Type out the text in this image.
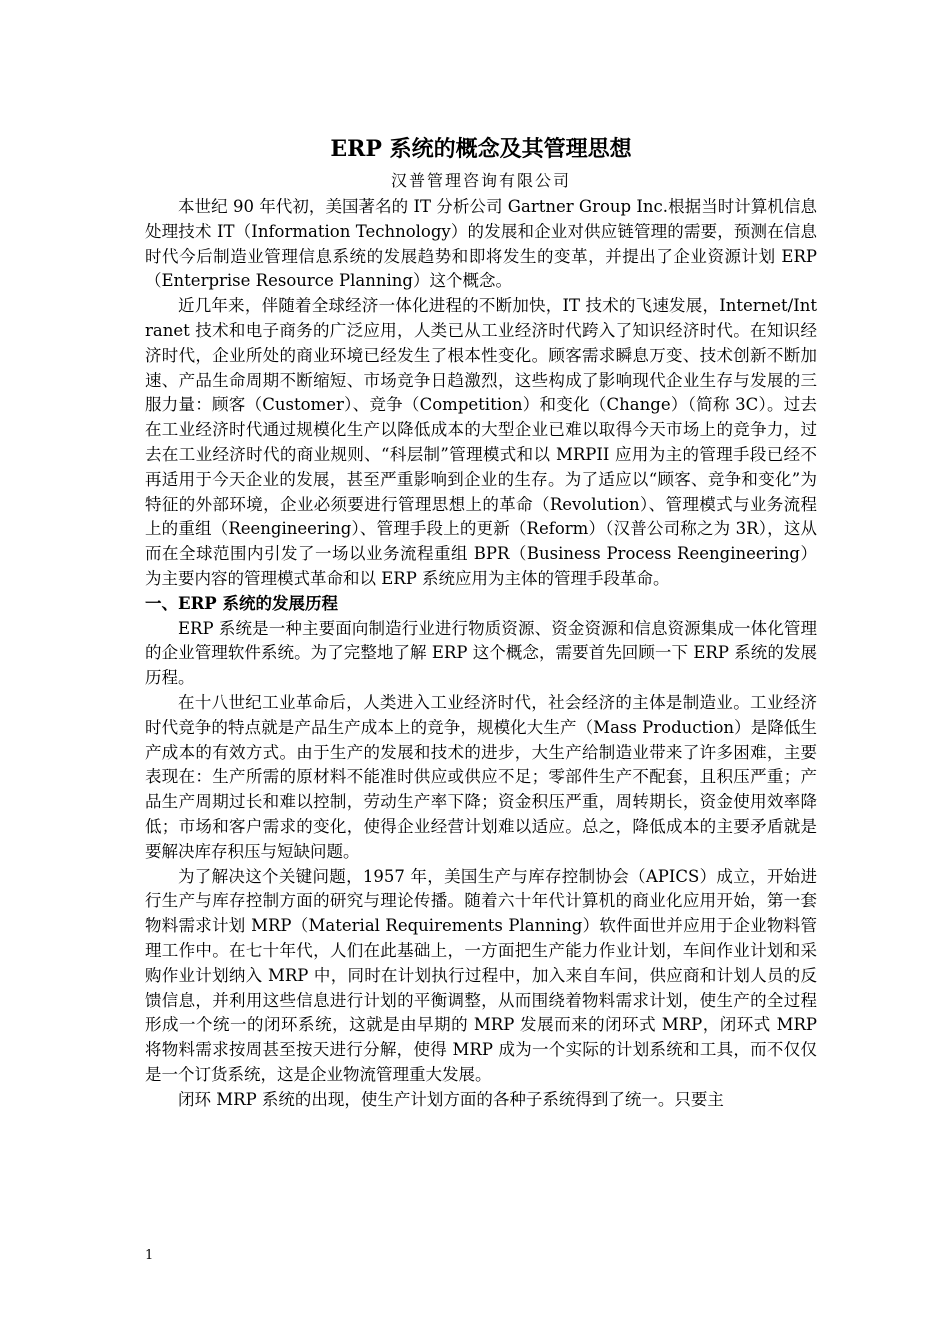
ERP 系统的概念及其管理思想

汉普管理咨询有限公司

本世纪 90 年代初，美国著名的 IT 分析公司 Gartner Group Inc.根据当时计算机信息处理技术 IT（Information Technology）的发展和企业对供应链管理的需要，预测在信息时代今后制造业管理信息系统的发展趋势和即将发生的变革，并提出了企业资源计划 ERP（Enterprise Resource Planning）这个概念。

近几年来，伴随着全球经济一体化进程的不断加快，IT 技术的飞速发展，Internet/Intranet 技术和电子商务的广泛应用，人类已从工业经济时代跨入了知识经济时代。在知识经济时代，企业所处的商业环境已经发生了根本性变化。顾客需求瞬息万变、技术创新不断加速、产品生命周期不断缩短、市场竞争日趋激烈，这些构成了影响现代企业生存与发展的三服力量：顾客（Customer）、竞争（Competition）和变化（Change）（简称 3C）。过去在工业经济时代通过规模化生产以降低成本的大型企业已难以取得今天市场上的竞争力，过去在工业经济时代的商业规则、“科层制”管理模式和以 MRPII 应用为主的管理手段已经不再适用于今天企业的发展，甚至严重影响到企业的生存。为了适应以“顾客、竞争和变化”为特征的外部环境，企业必须要进行管理思想上的革命（Revolution）、管理模式与业务流程上的重组（Reengineering）、管理手段上的更新（Reform）（汉普公司称之为 3R），这从而在全球范围内引发了一场以业务流程重组 BPR（Business Process Reengineering）为主要内容的管理模式革命和以 ERP 系统应用为主体的管理手段革命。

一、ERP 系统的发展历程

ERP 系统是一种主要面向制造行业进行物质资源、资金资源和信息资源集成一体化管理的企业管理软件系统。为了完整地了解 ERP 这个概念，需要首先回顾一下 ERP 系统的发展历程。

在十八世纪工业革命后，人类进入工业经济时代，社会经济的主体是制造业。工业经济时代竞争的特点就是产品生产成本上的竞争，规模化大生产（Mass Production）是降低生产成本的有效方式。由于生产的发展和技术的进步，大生产给制造业带来了许多困难，主要表现在：生产所需的原材料不能准时供应或供应不足；零部件生产不配套，且积压严重；产品生产周期过长和难以控制，劳动生产率下降；资金积压严重，周转期长，资金使用效率降低；市场和客户需求的变化，使得企业经营计划难以适应。总之，降低成本的主要矛盾就是要解决库存积压与短缺问题。

为了解决这个关键问题，1957 年，美国生产与库存控制协会（APICS）成立，开始进行生产与库存控制方面的研究与理论传播。随着六十年代计算机的商业化应用开始，第一套物料需求计划 MRP（Material Requirements Planning）软件面世并应用于企业物料管理工作中。在七十年代，人们在此基础上，一方面把生产能力作业计划，车间作业计划和采购作业计划纳入 MRP 中，同时在计划执行过程中，加入来自车间，供应商和计划人员的反馈信息，并利用这些信息进行计划的平衡调整，从而围绕着物料需求计划，使生产的全过程形成一个统一的闭环系统，这就是由早期的 MRP 发展而来的闭环式 MRP，闭环式 MRP 将物料需求按周甚至按天进行分解，使得 MRP 成为一个实际的计划系统和工具，而不仅仅是一个订货系统，这是企业物流管理重大发展。

闭环 MRP 系统的出现，使生产计划方面的各种子系统得到了统一。只要主

1
